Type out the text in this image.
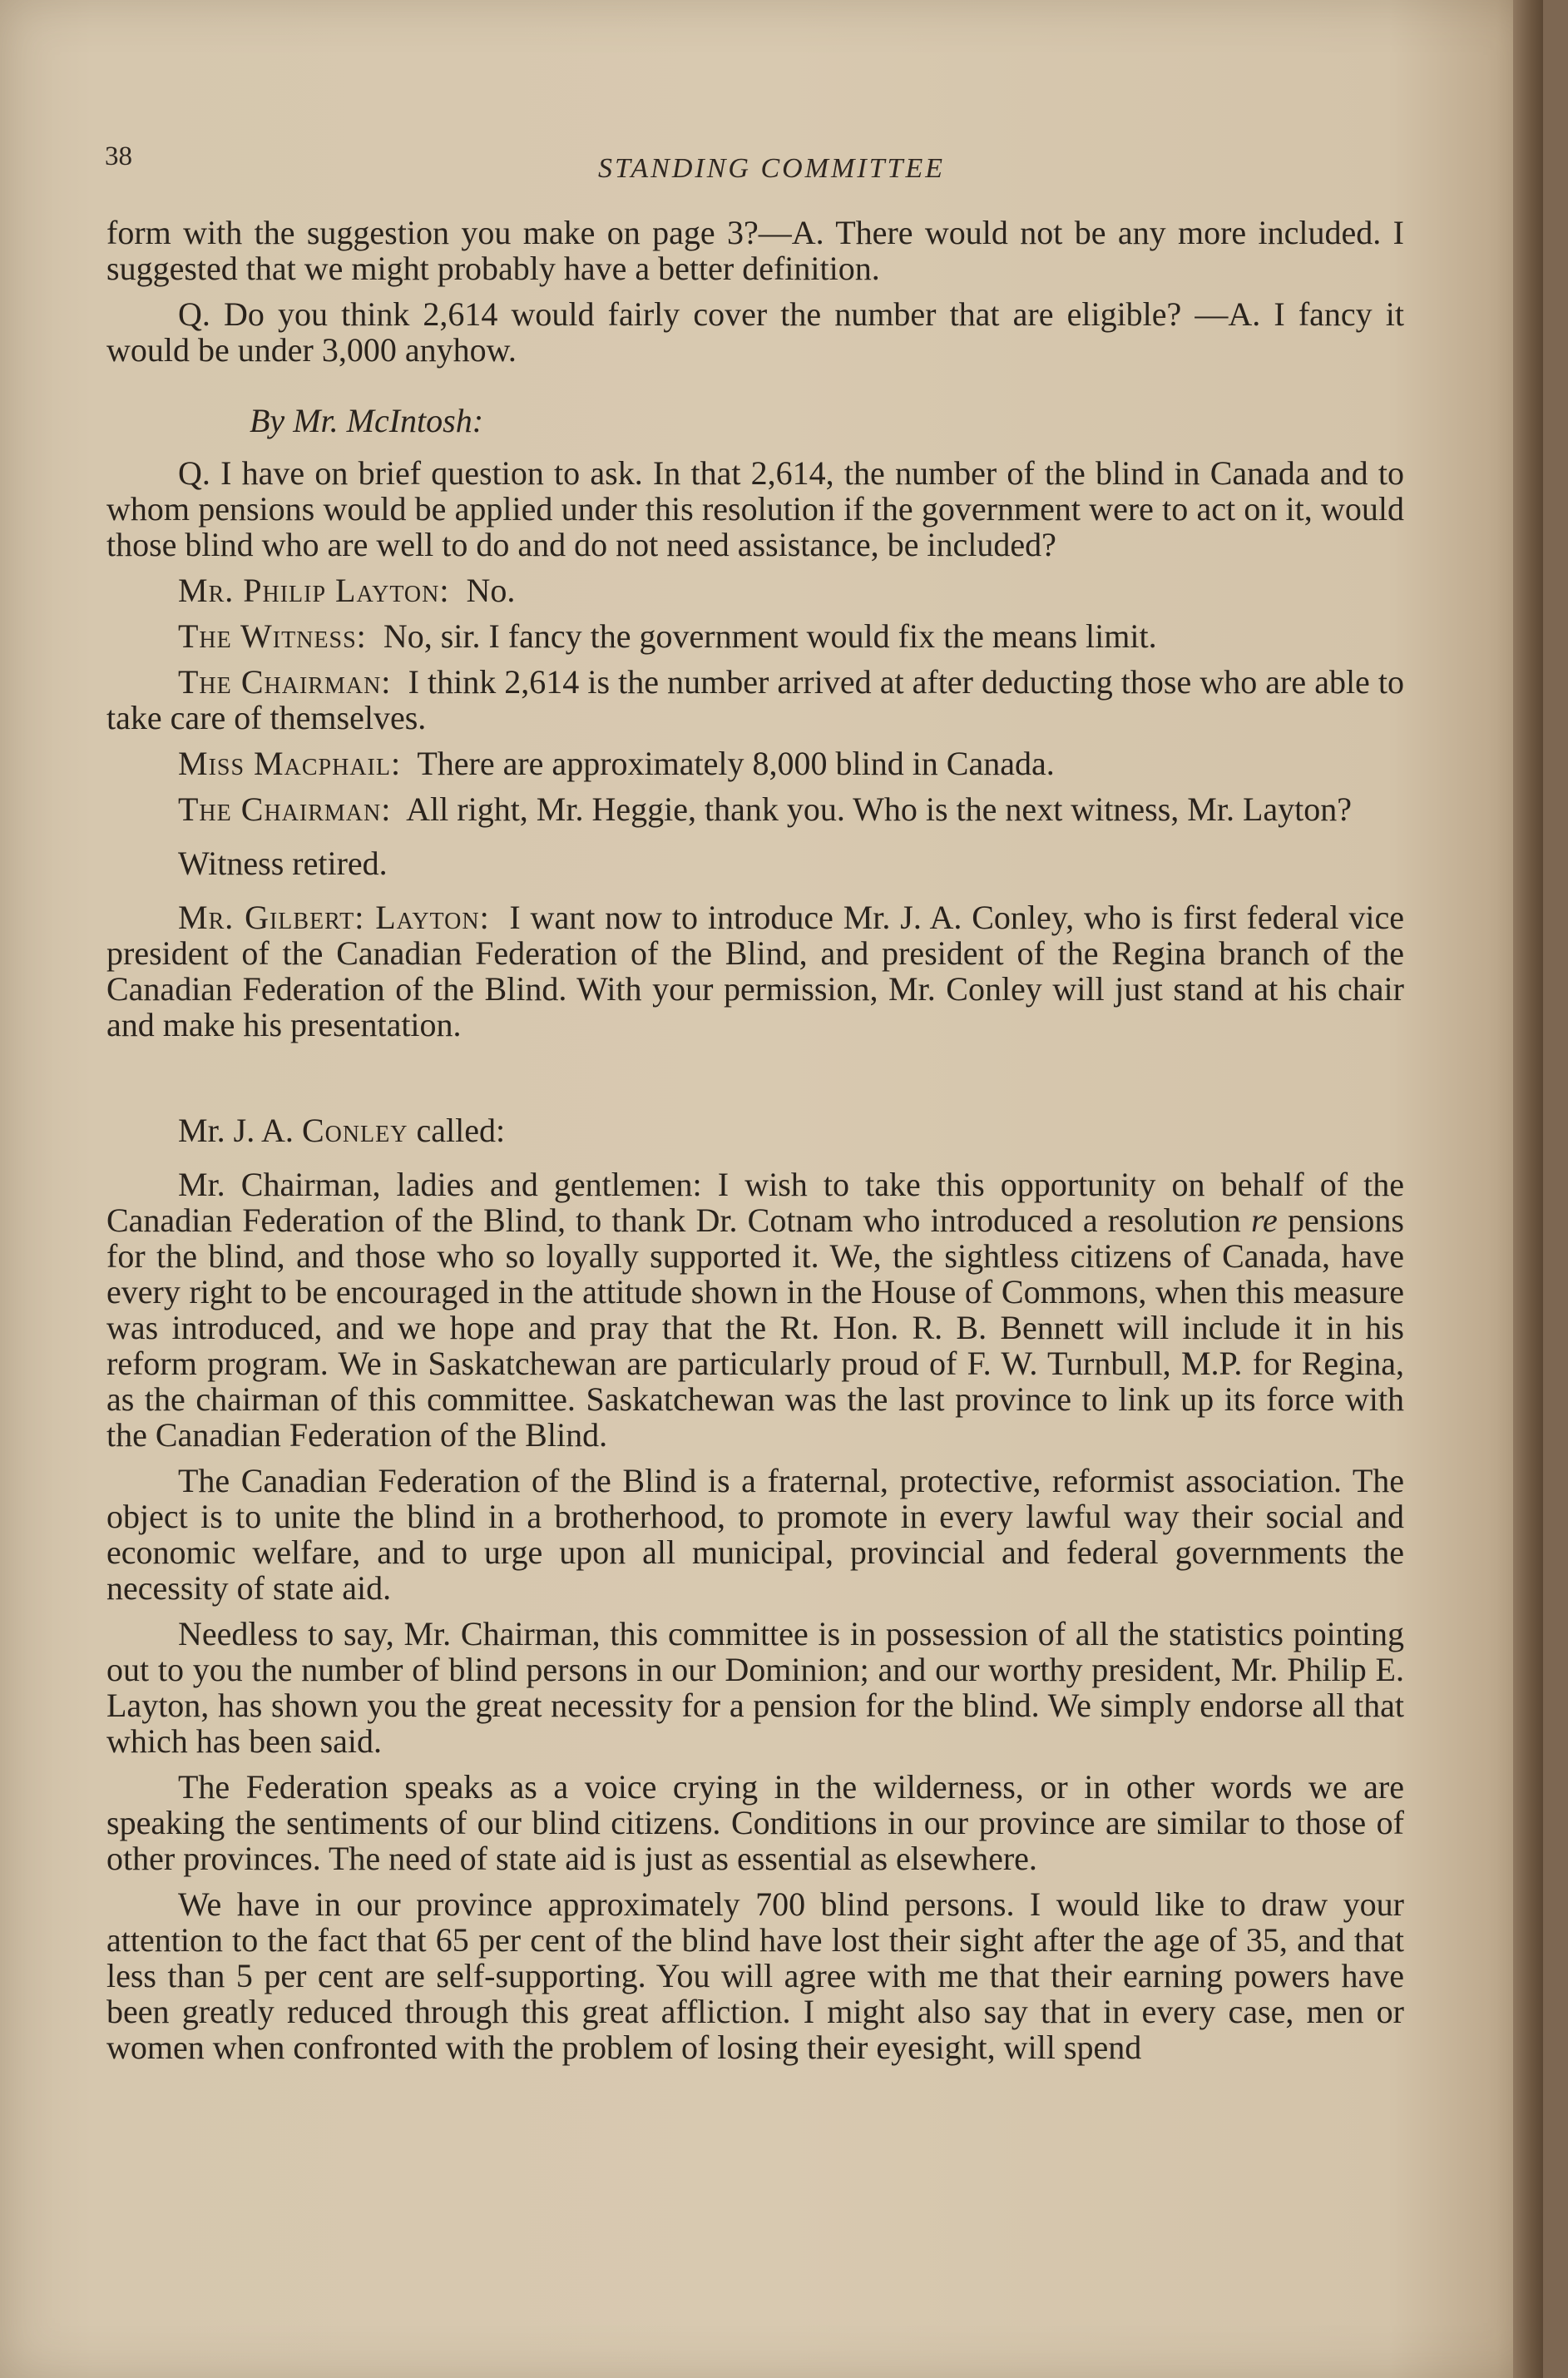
38	STANDING COMMITTEE

form with the suggestion you make on page 3?—A. There would not be any more included. I suggested that we might probably have a better definition.

Q. Do you think 2,614 would fairly cover the number that are eligible? —A. I fancy it would be under 3,000 anyhow.

By Mr. McIntosh:

Q. I have on brief question to ask. In that 2,614, the number of the blind in Canada and to whom pensions would be applied under this resolution if the government were to act on it, would those blind who are well to do and do not need assistance, be included?

Mr. Philip Layton: No.

The Witness: No, sir. I fancy the government would fix the means limit.

The Chairman: I think 2,614 is the number arrived at after deducting those who are able to take care of themselves.

Miss Macphail: There are approximately 8,000 blind in Canada.

The Chairman: All right, Mr. Heggie, thank you. Who is the next witness, Mr. Layton?

Witness retired.

Mr. Gilbert: Layton: I want now to introduce Mr. J. A. Conley, who is first federal vice president of the Canadian Federation of the Blind, and president of the Regina branch of the Canadian Federation of the Blind. With your permission, Mr. Conley will just stand at his chair and make his presentation.

Mr. J. A. Conley called:

Mr. Chairman, ladies and gentlemen: I wish to take this opportunity on behalf of the Canadian Federation of the Blind, to thank Dr. Cotnam who introduced a resolution re pensions for the blind, and those who so loyally supported it. We, the sightless citizens of Canada, have every right to be encouraged in the attitude shown in the House of Commons, when this measure was introduced, and we hope and pray that the Rt. Hon. R. B. Bennett will include it in his reform program. We in Saskatchewan are particularly proud of F. W. Turnbull, M.P. for Regina, as the chairman of this committee. Saskatchewan was the last province to link up its force with the Canadian Federation of the Blind.

The Canadian Federation of the Blind is a fraternal, protective, reformist association. The object is to unite the blind in a brotherhood, to promote in every lawful way their social and economic welfare, and to urge upon all municipal, provincial and federal governments the necessity of state aid.

Needless to say, Mr. Chairman, this committee is in possession of all the statistics pointing out to you the number of blind persons in our Dominion; and our worthy president, Mr. Philip E. Layton, has shown you the great necessity for a pension for the blind. We simply endorse all that which has been said.

The Federation speaks as a voice crying in the wilderness, or in other words we are speaking the sentiments of our blind citizens. Conditions in our province are similar to those of other provinces. The need of state aid is just as essential as elsewhere.

We have in our province approximately 700 blind persons. I would like to draw your attention to the fact that 65 per cent of the blind have lost their sight after the age of 35, and that less than 5 per cent are self-supporting. You will agree with me that their earning powers have been greatly reduced through this great affliction. I might also say that in every case, men or women when confronted with the problem of losing their eyesight, will spend
